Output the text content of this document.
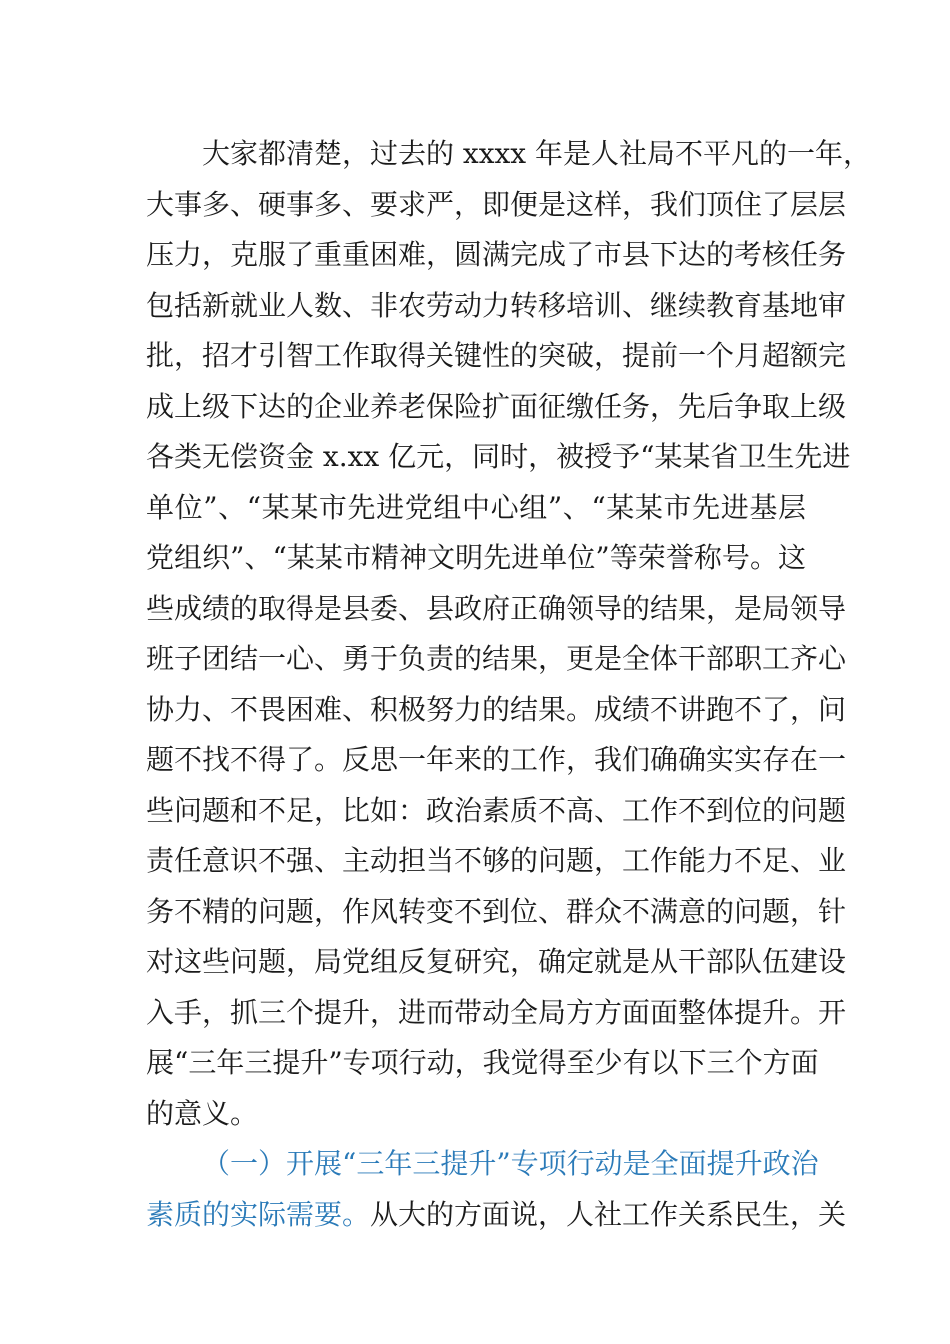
大家都清楚，过去的 xxxx 年是人社局不平凡的一年，
大事多、硬事多、要求严，即便是这样，我们顶住了层层
压力，克服了重重困难，圆满完成了市县下达的考核任务
包括新就业人数、非农劳动力转移培训、继续教育基地审
批，招才引智工作取得关键性的突破，提前一个月超额完
成上级下达的企业养老保险扩面征缴任务，先后争取上级
各类无偿资金 x.xx 亿元，同时，被授予“某某省卫生先进
单位”、“某某市先进党组中心组”、“某某市先进基层
党组织”、“某某市精神文明先进单位”等荣誉称号。这
些成绩的取得是县委、县政府正确领导的结果，是局领导
班子团结一心、勇于负责的结果，更是全体干部职工齐心
协力、不畏困难、积极努力的结果。成绩不讲跑不了，问
题不找不得了。反思一年来的工作，我们确确实实存在一
些问题和不足，比如：政治素质不高、工作不到位的问题
责任意识不强、主动担当不够的问题，工作能力不足、业
务不精的问题，作风转变不到位、群众不满意的问题，针
对这些问题，局党组反复研究，确定就是从干部队伍建设
入手，抓三个提升，进而带动全局方方面面整体提升。开
展“三年三提升”专项行动，我觉得至少有以下三个方面
的意义。
（一）开展“三年三提升”专项行动是全面提升政治
素质的实际需要。从大的方面说，人社工作关系民生，关
